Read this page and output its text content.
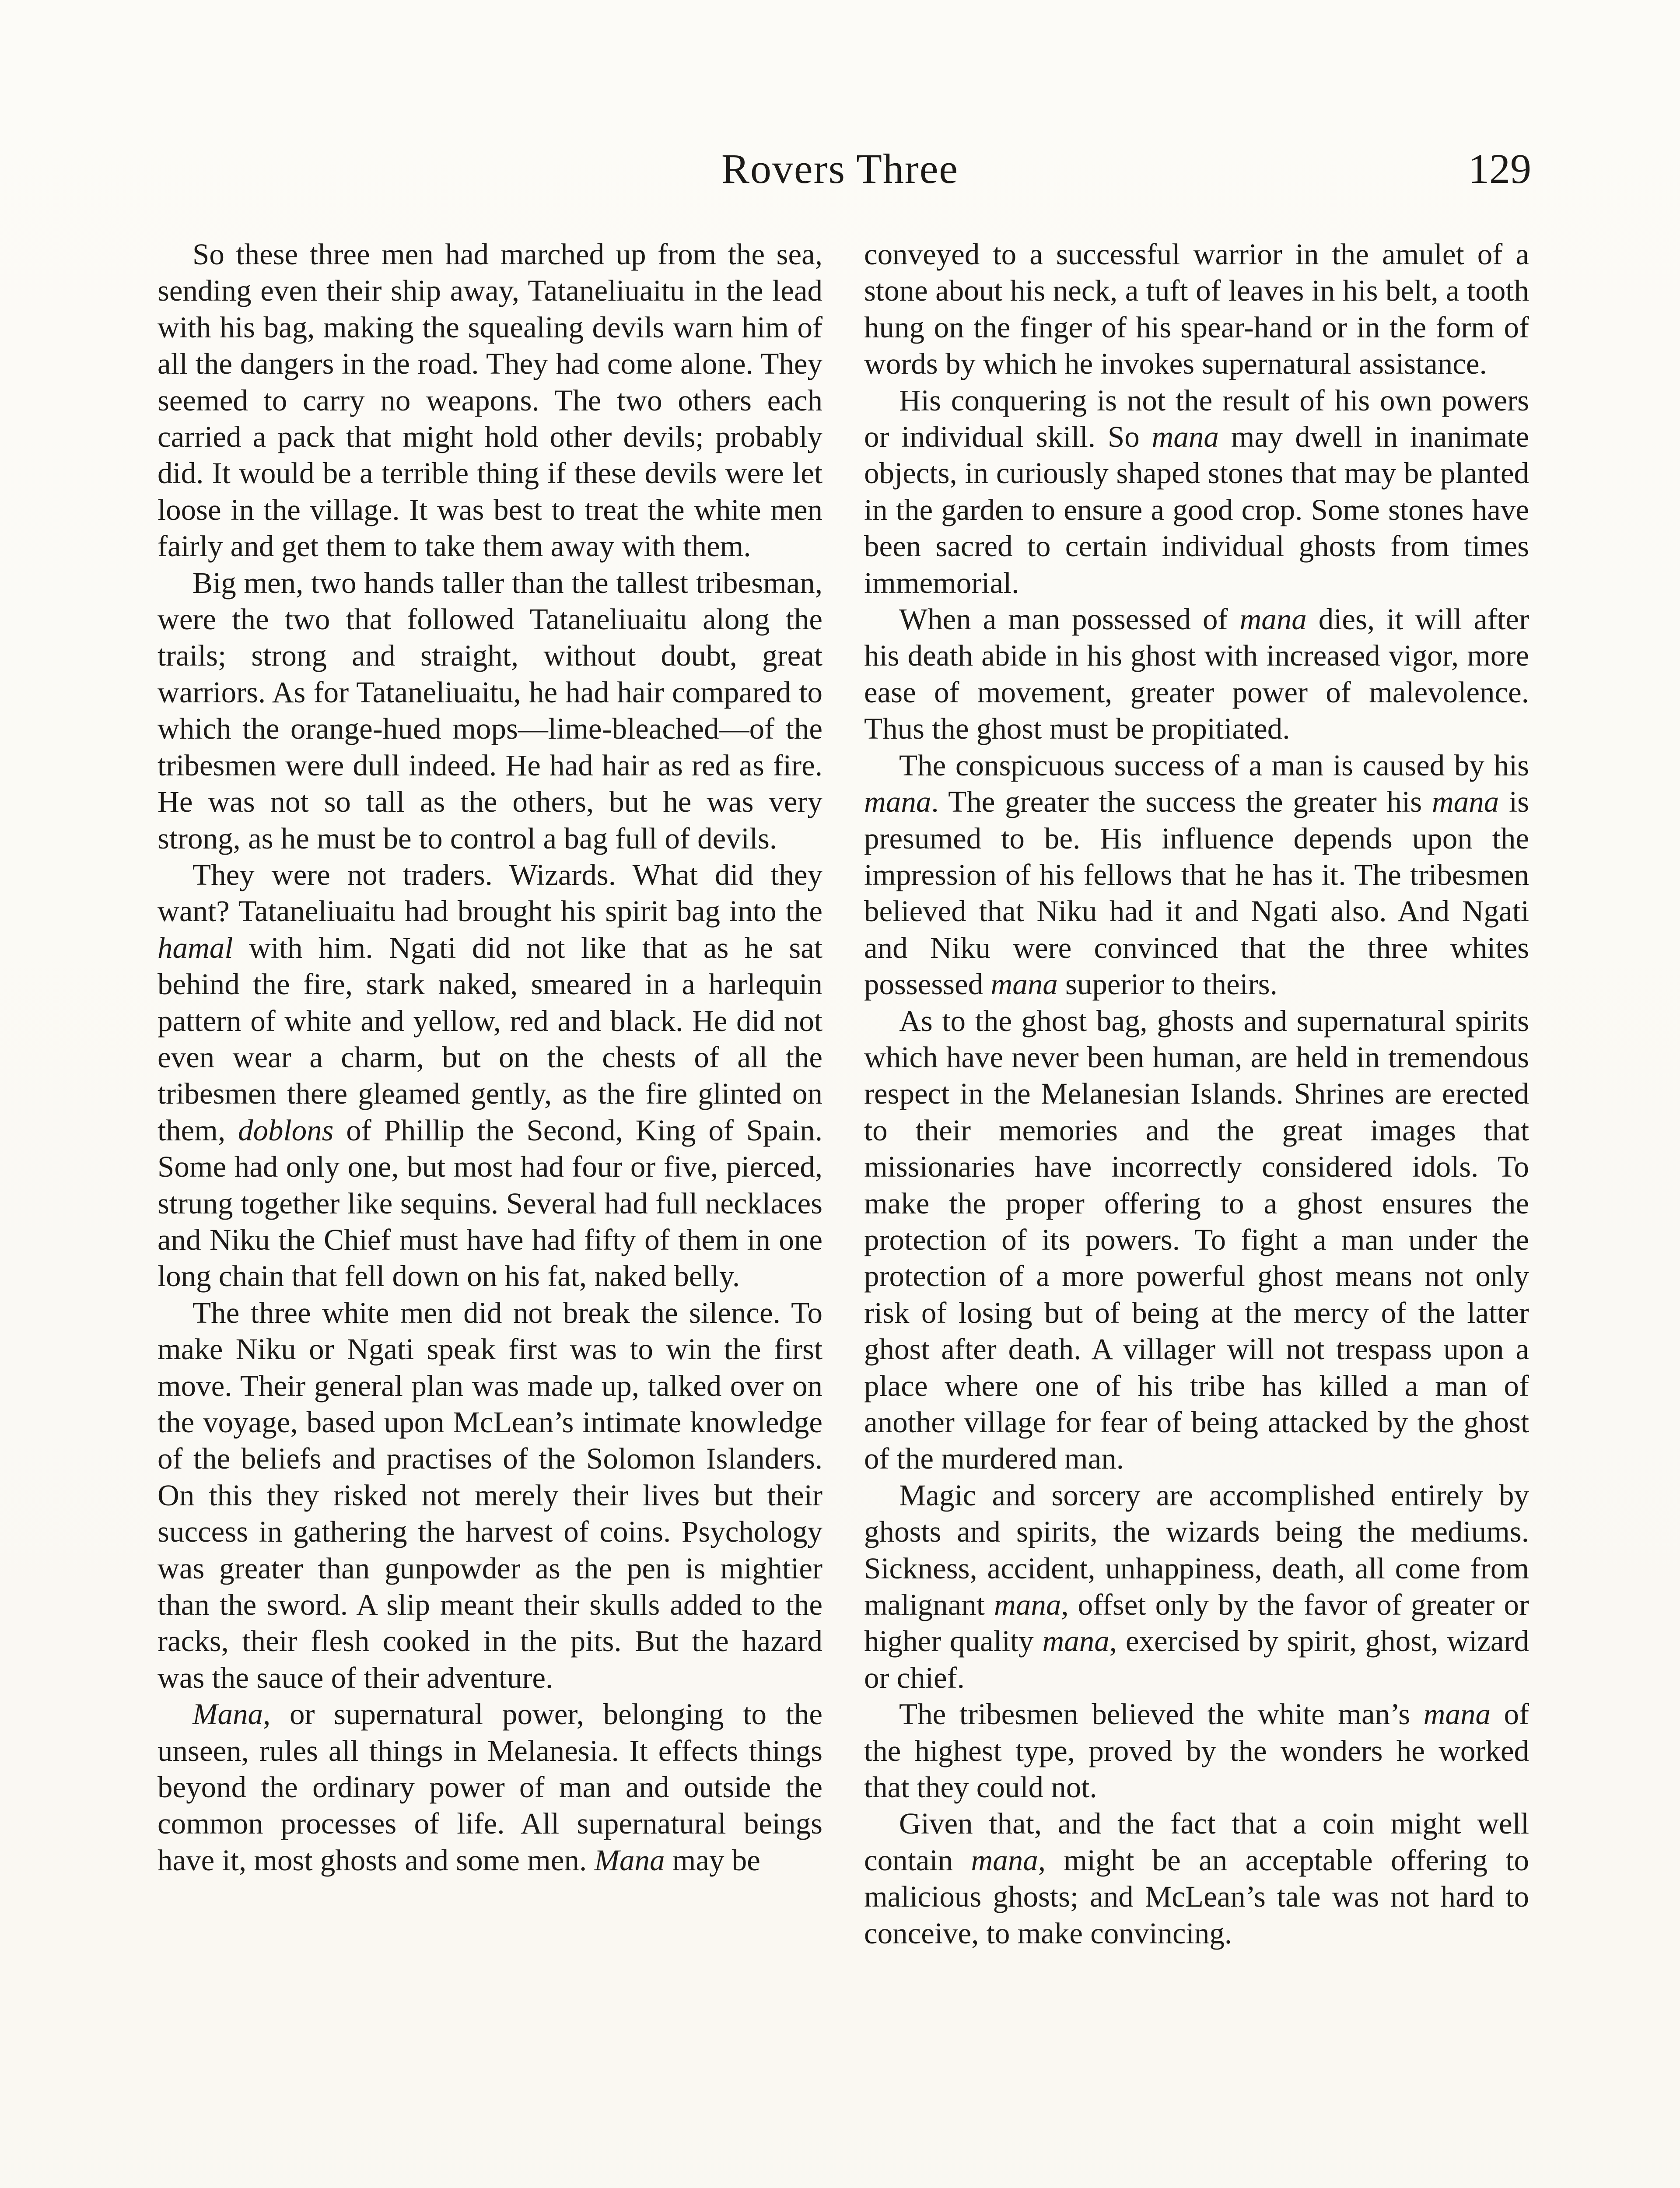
Rovers Three	129

So these three men had marched up from the sea, sending even their ship away, Tataneliuaitu in the lead with his bag, making the squealing devils warn him of all the dangers in the road. They had come alone. They seemed to carry no weapons. The two others each carried a pack that might hold other devils; probably did. It would be a terrible thing if these devils were let loose in the village. It was best to treat the white men fairly and get them to take them away with them.

Big men, two hands taller than the tallest tribesman, were the two that followed Tataneliuaitu along the trails; strong and straight, without doubt, great warriors. As for Tataneliuaitu, he had hair compared to which the orange-hued mops—lime-bleached—of the tribesmen were dull indeed. He had hair as red as fire. He was not so tall as the others, but he was very strong, as he must be to control a bag full of devils.

They were not traders. Wizards. What did they want? Tataneliuaitu had brought his spirit bag into the hamal with him. Ngati did not like that as he sat behind the fire, stark naked, smeared in a harlequin pattern of white and yellow, red and black. He did not even wear a charm, but on the chests of all the tribesmen there gleamed gently, as the fire glinted on them, doblons of Phillip the Second, King of Spain. Some had only one, but most had four or five, pierced, strung together like sequins. Several had full necklaces and Niku the Chief must have had fifty of them in one long chain that fell down on his fat, naked belly.

The three white men did not break the silence. To make Niku or Ngati speak first was to win the first move. Their general plan was made up, talked over on the voyage, based upon McLean’s intimate knowledge of the beliefs and practises of the Solomon Islanders. On this they risked not merely their lives but their success in gathering the harvest of coins. Psychology was greater than gunpowder as the pen is mightier than the sword. A slip meant their skulls added to the racks, their flesh cooked in the pits. But the hazard was the sauce of their adventure.

Mana, or supernatural power, belonging to the unseen, rules all things in Melanesia. It effects things beyond the ordinary power of man and outside the common processes of life. All supernatural beings have it, most ghosts and some men. Mana may be

conveyed to a successful warrior in the amulet of a stone about his neck, a tuft of leaves in his belt, a tooth hung on the finger of his spear-hand or in the form of words by which he invokes supernatural assistance.

His conquering is not the result of his own powers or individual skill. So mana may dwell in inanimate objects, in curiously shaped stones that may be planted in the garden to ensure a good crop. Some stones have been sacred to certain individual ghosts from times immemorial.

When a man possessed of mana dies, it will after his death abide in his ghost with increased vigor, more ease of movement, greater power of malevolence. Thus the ghost must be propitiated.

The conspicuous success of a man is caused by his mana. The greater the success the greater his mana is presumed to be. His influence depends upon the impression of his fellows that he has it. The tribesmen believed that Niku had it and Ngati also. And Ngati and Niku were convinced that the three whites possessed mana superior to theirs.

As to the ghost bag, ghosts and supernatural spirits which have never been human, are held in tremendous respect in the Melanesian Islands. Shrines are erected to their memories and the great images that missionaries have incorrectly considered idols. To make the proper offering to a ghost ensures the protection of its powers. To fight a man under the protection of a more powerful ghost means not only risk of losing but of being at the mercy of the latter ghost after death. A villager will not trespass upon a place where one of his tribe has killed a man of another village for fear of being attacked by the ghost of the murdered man.

Magic and sorcery are accomplished entirely by ghosts and spirits, the wizards being the mediums. Sickness, accident, unhappiness, death, all come from malignant mana, offset only by the favor of greater or higher quality mana, exercised by spirit, ghost, wizard or chief.

The tribesmen believed the white man’s mana of the highest type, proved by the wonders he worked that they could not.

Given that, and the fact that a coin might well contain mana, might be an acceptable offering to malicious ghosts; and McLean’s tale was not hard to conceive, to make convincing.
